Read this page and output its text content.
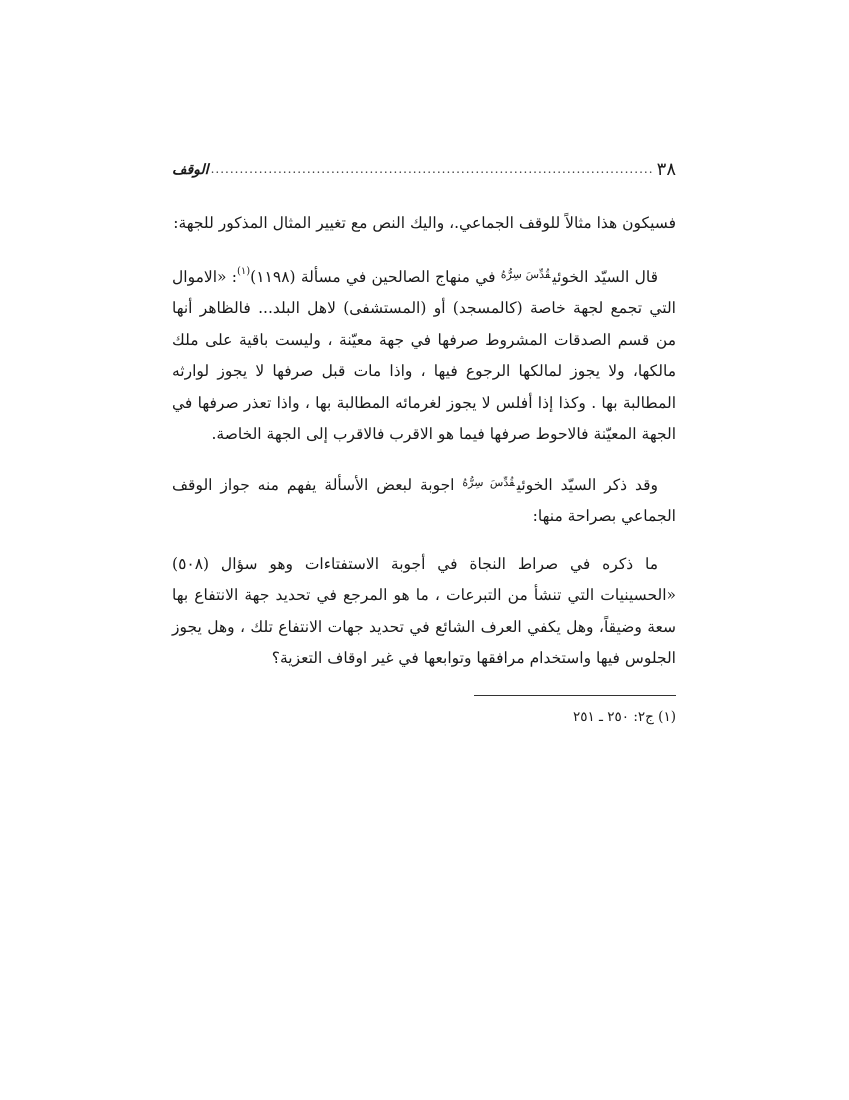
٣٨
.....
الوقف

فسيكون هذا مثالاً للوقف الجماعي.، واليك النص مع تغيير المثال المذكور للجهة:

قال السيّد الخوئي$^{قُدِّسَ سِرُّهُ}$ في منهاج الصالحين في مسألة (١١٩٨)$^{(١)}$: «الاموال التي تجمع لجهة خاصة (كالمسجد) أو (المستشفى) لاهل البلد... فالظاهر أنها من قسم الصدقات المشروط صرفها في جهة معيّنة ، وليست باقية على ملك مالكها، ولا يجوز لمالكها الرجوع فيها ، واذا مات قبل صرفها لا يجوز لوارثه المطالبة بها . وكذا إذا أفلس لا يجوز لغرمائه المطالبة بها ، واذا تعذر صرفها في الجهة المعيّنة فالاحوط صرفها فيما هو الاقرب فالاقرب إلى الجهة الخاصة.

وقد ذكر السيّد الخوئي$^{قُدِّسَ سِرُّهُ}$ اجوبة لبعض الأسألة يفهم منه جواز الوقف الجماعي بصراحة منها:

ما ذكره في صراط النجاة في أجوبة الاستفتاءات وهو سؤال (٥٠٨) «الحسينيات التي تنشأ من التبرعات ، ما هو المرجع في تحديد جهة الانتفاع بها سعة وضيقاً، وهل يكفي العرف الشائع في تحديد جهات الانتفاع تلك ، وهل يجوز الجلوس فيها واستخدام مرافقها وتوابعها في غير اوقاف التعزية؟

(١) ج٢: ٢٥٠ ـ ٢٥١
